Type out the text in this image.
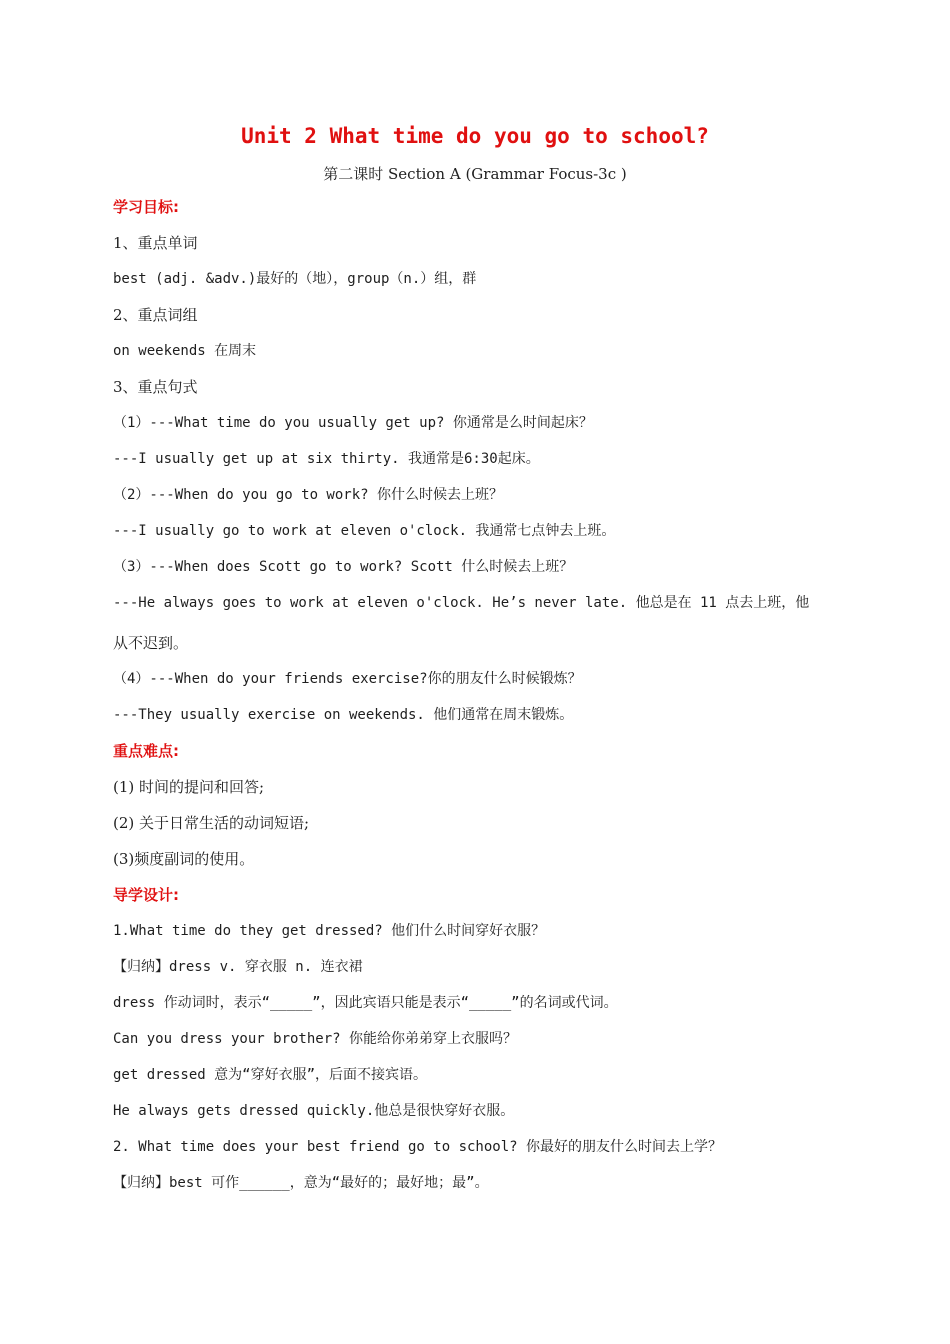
Unit 2 What time do you go to school?
第二课时 Section A (Grammar Focus-3c )
学习目标:
1、重点单词
best (adj. &adv.)最好的（地），group（n.）组，群
2、重点词组
on weekends 在周末
3、重点句式
（1）---What time do you usually get up? 你通常是么时间起床？
---I usually get up at six thirty. 我通常是6:30起床。
（2）---When do you go to work? 你什么时候去上班？
---I usually go to work at eleven o'clock. 我通常七点钟去上班。
（3）---When does Scott go to work? Scott 什么时候去上班？
---He always goes to work at eleven o'clock. He’s never late. 他总是在 11 点去上班，他
从不迟到。
（4）---When do your friends exercise?你的朋友什么时候锻炼？
---They usually exercise on weekends. 他们通常在周末锻炼。
重点难点:
(1) 时间的提问和回答;
(2) 关于日常生活的动词短语;
(3)频度副词的使用。
导学设计:
1.What time do they get dressed? 他们什么时间穿好衣服？
【归纳】dress v. 穿衣服 n. 连衣裙
dress 作动词时，表示“_____”，因此宾语只能是表示“_____”的名词或代词。
Can you dress your brother? 你能给你弟弟穿上衣服吗？
get dressed 意为“穿好衣服”，后面不接宾语。
He always gets dressed quickly.他总是很快穿好衣服。
2. What time does your best friend go to school? 你最好的朋友什么时间去上学？
【归纳】best 可作______，意为“最好的；最好地；最”。
